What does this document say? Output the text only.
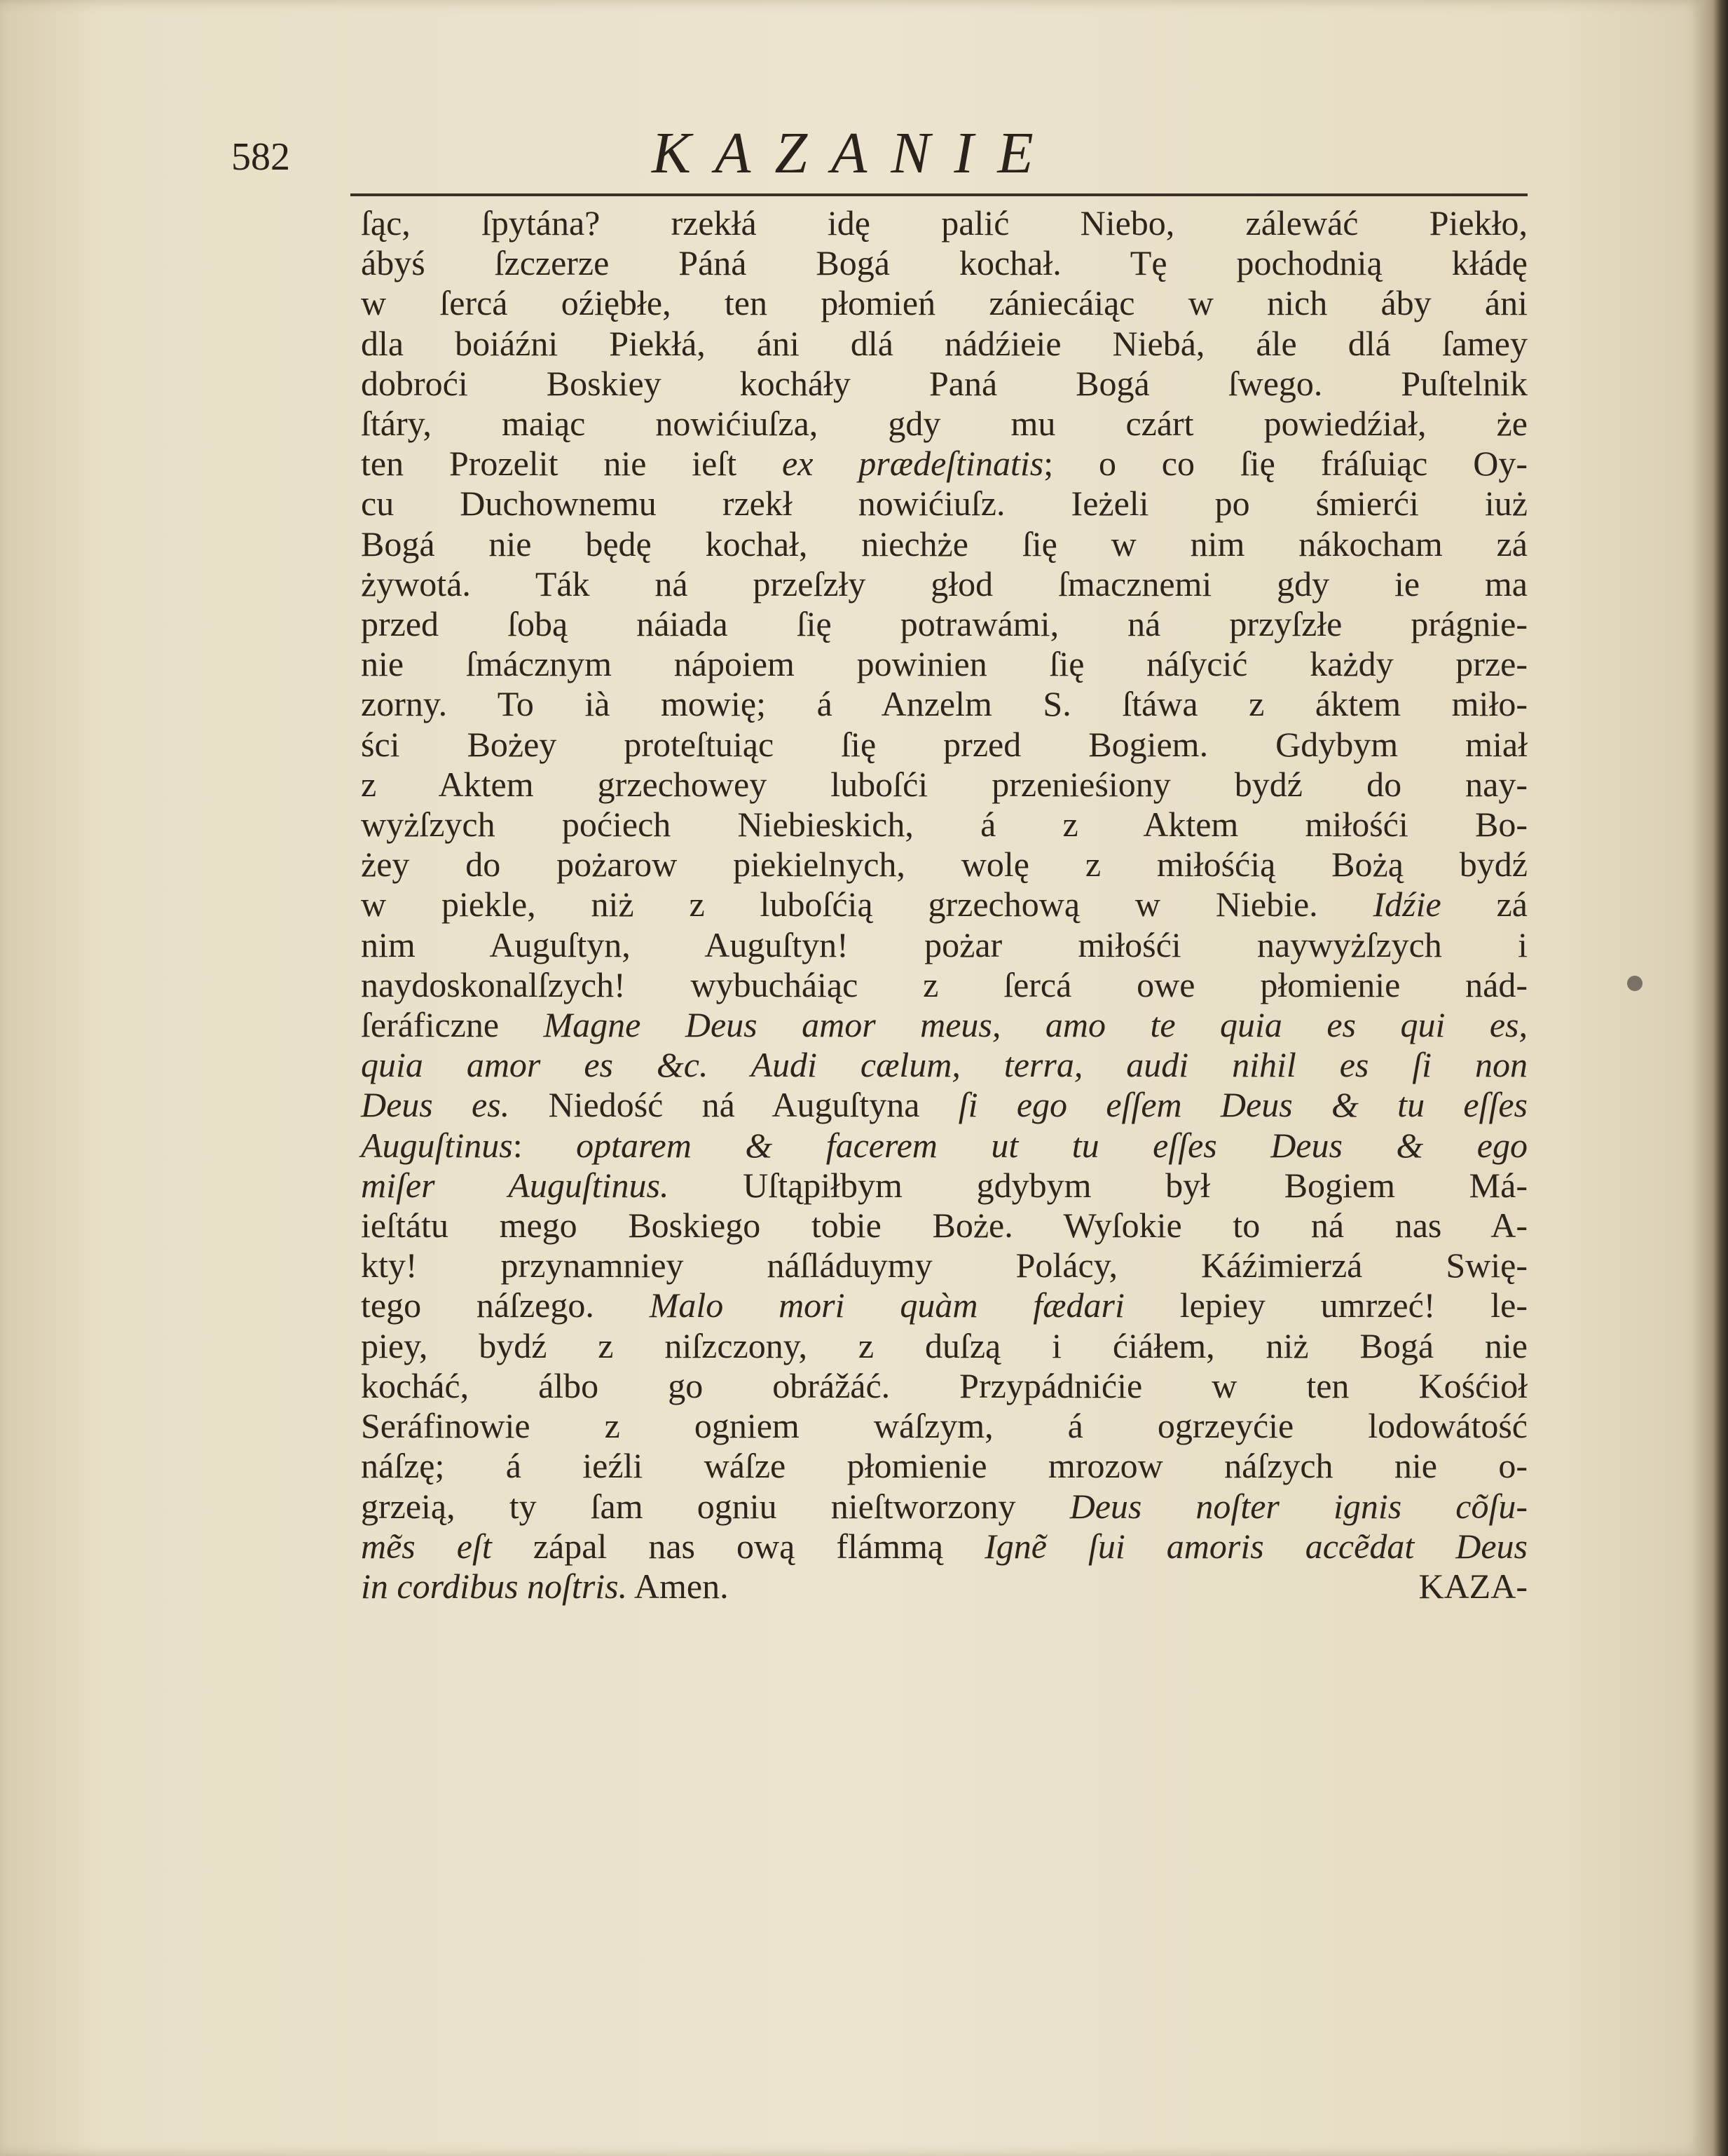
582	KAZANIE
ſąc, ſpytána? rzekłá idę palić Niebo, zálewáć Piekło,
ábyś ſzczerze Páná Bogá kochał. Tę pochodnią kłádę
w ſercá oźiębłe, ten płomień zániecáiąc w nich áby áni
dla boiáźni Piekłá, áni dlá nádźieie Niebá, ále dlá ſamey
dobroći Boskiey kocháły Paná Bogá ſwego. Puſtelnik
ſtáry, maiąc nowićiuſza, gdy mu czárt powiedźiał, że
ten Prozelit nie ieſt ex prædeſtinatis; o co ſię fráſuiąc Oy-
cu Duchownemu rzekł nowićiuſz. Ieżeli po śmierći iuż
Bogá nie będę kochał, niechże ſię w nim nákocham zá
żywotá. Ták ná przeſzły głod ſmacznemi gdy ie ma
przed ſobą náiada ſię potrawámi, ná przyſzłe prágnie-
nie ſmácznym nápoiem powinien ſię náſycić każdy prze-
zorny. To ià mowię; á Anzelm S. ſtáwa z áktem miło-
ści Bożey proteſtuiąc ſię przed Bogiem. Gdybym miał
z Aktem grzechowey luboſći przenieśiony bydź do nay-
wyżſzych poćiech Niebieskich, á z Aktem miłośći Bo-
żey do pożarow piekielnych, wolę z miłośćią Bożą bydź
w piekle, niż z luboſćią grzechową w Niebie. Idźie zá
nim Auguſtyn, Auguſtyn! pożar miłośći naywyżſzych i
naydoskonalſzych! wybucháiąc z ſercá owe płomienie nád-
ſeráficzne Magne Deus amor meus, amo te quia es qui es,
quia amor es &c. Audi cælum, terra, audi nihil es ſi non
Deus es. Niedość ná Auguſtyna ſi ego eſſem Deus & tu eſſes
Auguſtinus: optarem & facerem ut tu eſſes Deus & ego
miſer Auguſtinus. Uſtąpiłbym gdybym był Bogiem Má-
ieſtátu mego Boskiego tobie Boże. Wyſokie to ná nas A-
kty! przynamniey náſláduymy Polácy, Káźimierzá Swię-
tego náſzego. Malo mori quàm fædari lepiey umrzeć! le-
piey, bydź z niſzczony, z duſzą i ćiáłem, niż Bogá nie
kocháć, álbo go obrážáć. Przypádnićie w ten Kośćioł
Seráfinowie z ogniem wáſzym, á ogrzeyćie lodowátość
náſzę; á ieźli wáſze płomienie mrozow náſzych nie o-
grzeią, ty ſam ogniu nieſtworzony Deus noſter ignis cõſu-
mẽs eſt zápal nas ową flámmą Ignẽ ſui amoris accẽdat Deus
in cordibus noſtris. Amen.	KAZA-
